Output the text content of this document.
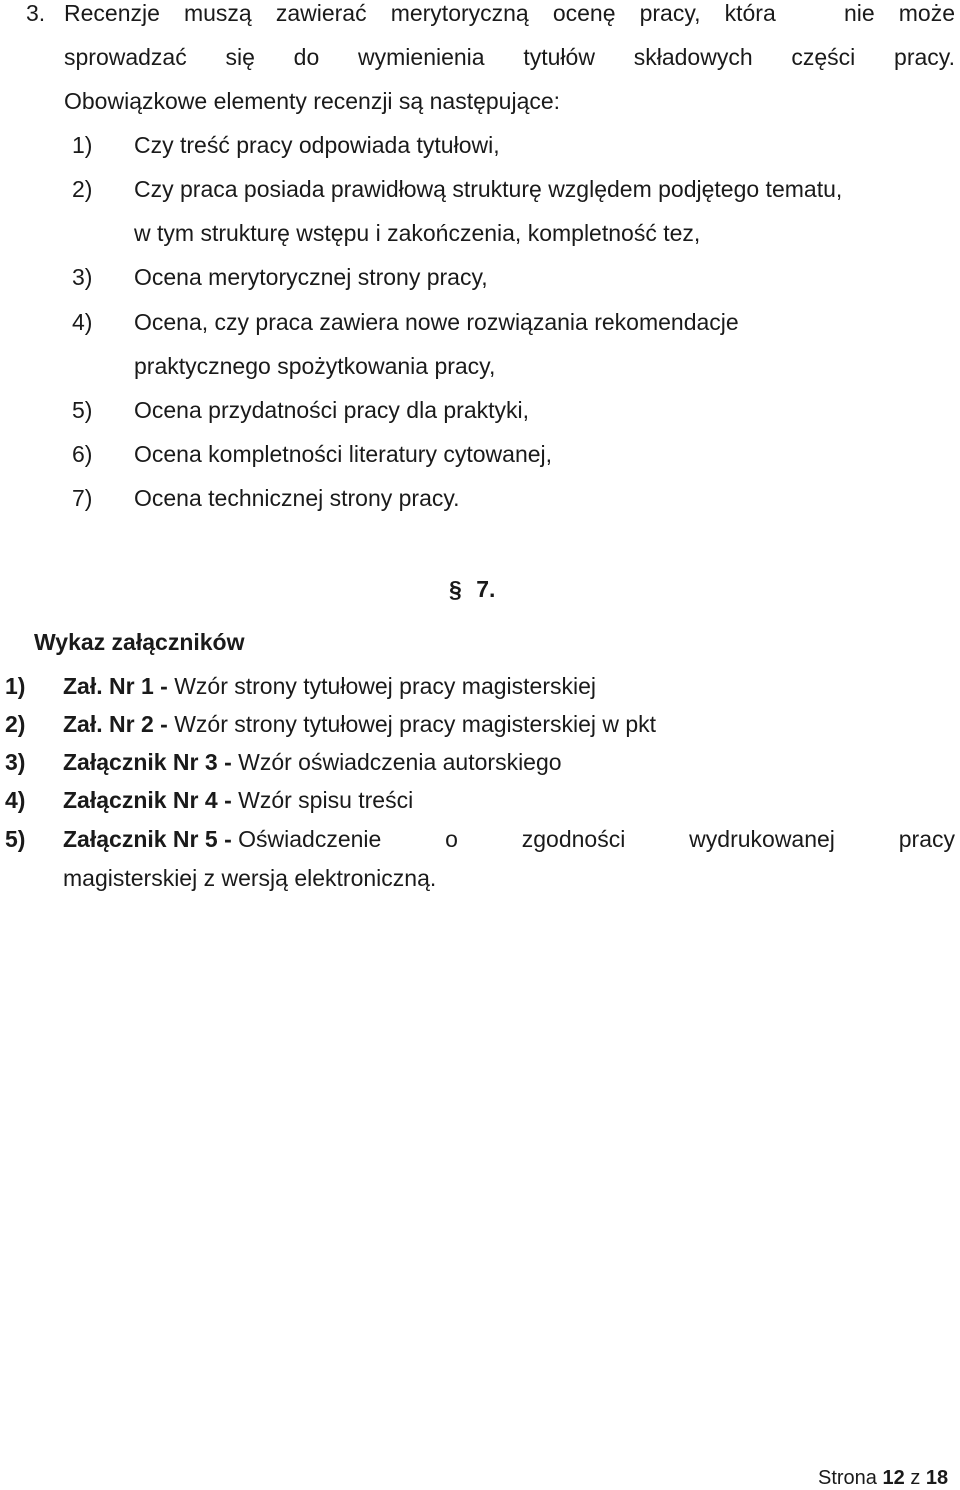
3. Recenzje muszą zawierać merytoryczną ocenę pracy, która	nie może
sprowadzać się do wymienienia tytułów składowych części pracy.
Obowiązkowe elementy recenzji są następujące:
1) Czy treść pracy odpowiada tytułowi,
2) Czy praca posiada prawidłową strukturę względem podjętego tematu,
w tym strukturę wstępu i zakończenia, kompletność tez,
3) Ocena merytorycznej strony pracy,
4) Ocena, czy praca zawiera nowe rozwiązania rekomendacje
praktycznego spożytkowania pracy,
5) Ocena przydatności pracy dla praktyki,
6) Ocena kompletności literatury cytowanej,
7) Ocena technicznej strony pracy.
§ 7.
Wykaz załączników
1) Zał. Nr 1 - Wzór strony tytułowej pracy magisterskiej
2) Zał. Nr 2 - Wzór strony tytułowej pracy magisterskiej w pkt
3) Załącznik Nr 3 - Wzór oświadczenia autorskiego
4) Załącznik Nr 4 - Wzór spisu treści
5) Załącznik Nr 5 - Oświadczenie	o	zgodności	wydrukowanej	pracy
magisterskiej z wersją elektroniczną.
Strona 12 z 18
